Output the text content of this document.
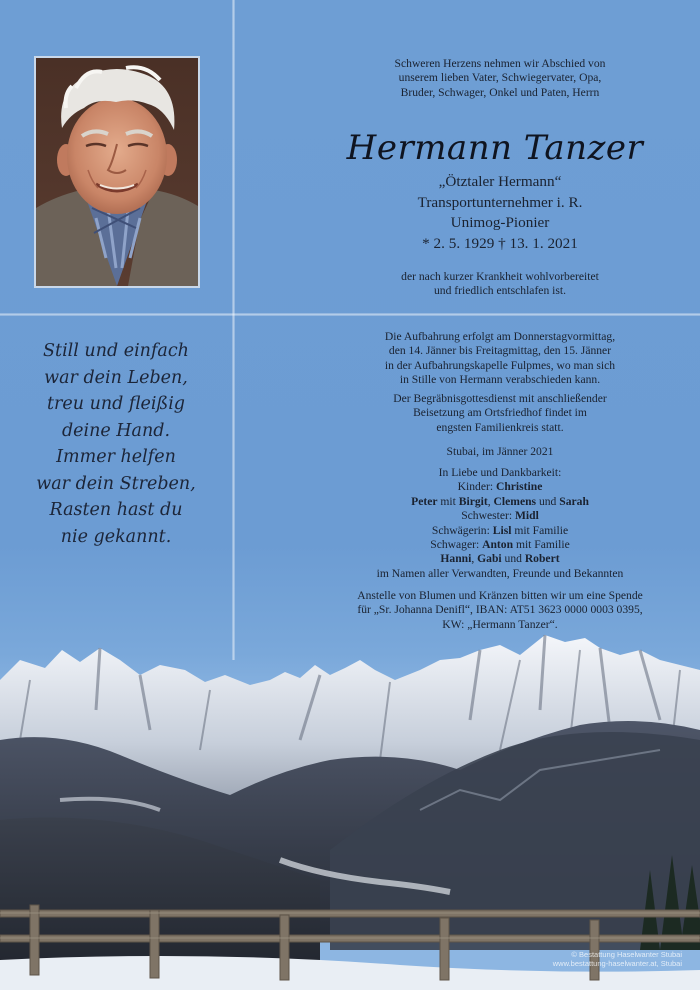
Still und einfach
war dein Leben,
treu und fleißig
deine Hand.
Immer helfen
war dein Streben,
Rasten hast du
nie gekannt.
Schweren Herzens nehmen wir Abschied von
unserem lieben Vater, Schwiegervater, Opa,
Bruder, Schwager, Onkel und Paten, Herrn
Hermann Tanzer
„Ötztaler Hermann“
Transportunternehmer i. R.
Unimog-Pionier
* 2. 5. 1929 † 13. 1. 2021
der nach kurzer Krankheit wohlvorbereitet
und friedlich entschlafen ist.
Die Aufbahrung erfolgt am Donnerstagvormittag,
den 14. Jänner bis Freitagmittag, den 15. Jänner
in der Aufbahrungskapelle Fulpmes, wo man sich
in Stille von Hermann verabschieden kann.
Der Begräbnisgottesdienst mit anschließender
Beisetzung am Ortsfriedhof findet im
engsten Familienkreis statt.
Stubai, im Jänner 2021
In Liebe und Dankbarkeit:
Kinder: Christine
Peter mit Birgit, Clemens und Sarah
Schwester: Midl
Schwägerin: Lisl mit Familie
Schwager: Anton mit Familie
Hanni, Gabi und Robert
im Namen aller Verwandten, Freunde und Bekannten
Anstelle von Blumen und Kränzen bitten wir um eine Spende
für „Sr. Johanna Denifl“, IBAN: AT51 3623 0000 0003 0395,
KW: „Hermann Tanzer“.
© Bestattung Haselwanter Stubai
www.bestattung-haselwanter.at, Stubai
